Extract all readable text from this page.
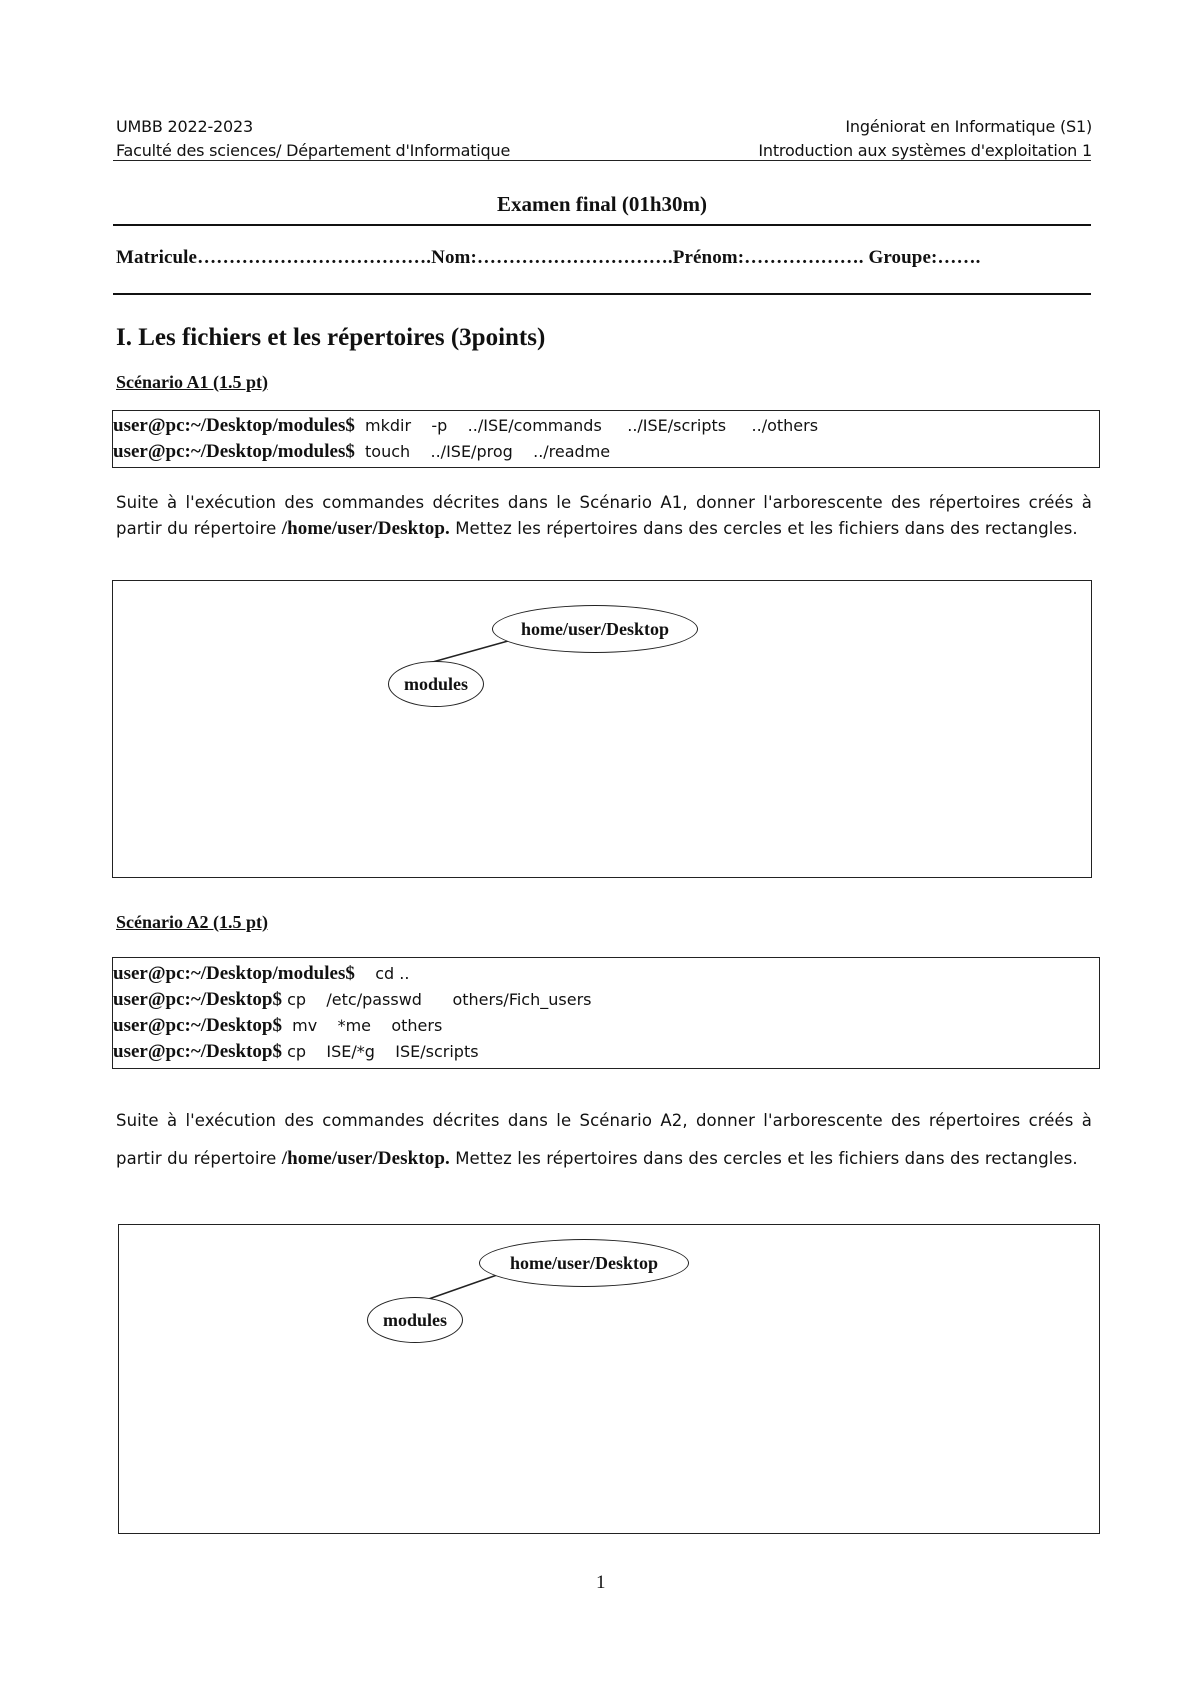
UMBB 2022-2023
Faculté des sciences/ Département d'Informatique
Ingéniorat en Informatique (S1)
Introduction aux systèmes d'exploitation 1
Examen final (01h30m)
Matricule……………………………….Nom:………………………….Prénom:………………. Groupe:…….
I. Les fichiers et les répertoires (3points)
Scénario A1 (1.5 pt)
user@pc:~/Desktop/modules$  mkdir    -p    ../ISE/commands     ../ISE/scripts     ../others
user@pc:~/Desktop/modules$  touch    ../ISE/prog    ../readme
Suite à l'exécution des commandes décrites dans le Scénario A1, donner l'arborescente des répertoires créés à partir du répertoire /home/user/Desktop. Mettez les répertoires dans des cercles et les fichiers dans des rectangles.
home/user/Desktop
modules
Scénario A2 (1.5 pt)
user@pc:~/Desktop/modules$    cd ..
user@pc:~/Desktop$ cp    /etc/passwd      others/Fich_users
user@pc:~/Desktop$  mv    *me    others
user@pc:~/Desktop$ cp    ISE/*g    ISE/scripts
Suite à l'exécution des commandes décrites dans le Scénario A2, donner l'arborescente des répertoires créés à partir du répertoire /home/user/Desktop. Mettez les répertoires dans des cercles et les fichiers dans des rectangles.
home/user/Desktop
modules
1
